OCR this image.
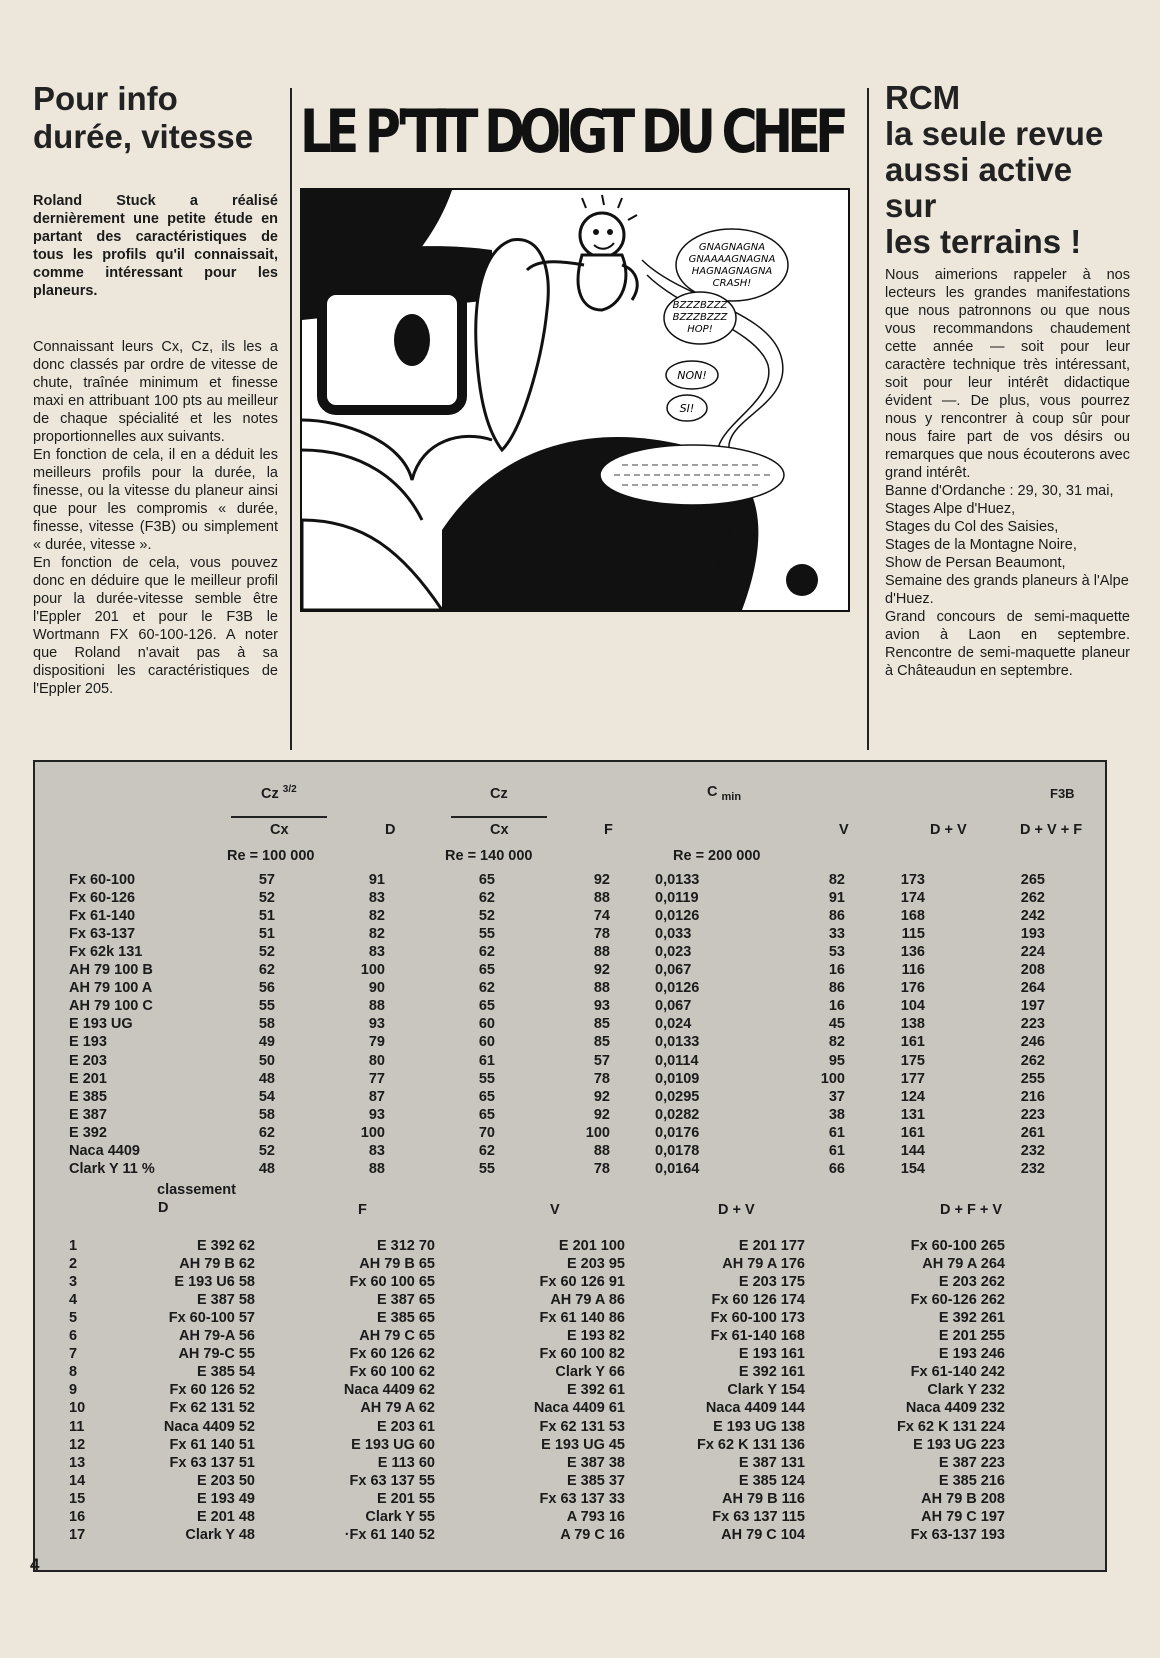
Pour info
durée, vitesse
Roland Stuck a réalisé dernièrement une petite étude en partant des caractéristiques de tous les profils qu'il connaissait, comme intéressant pour les planeurs.

Connaissant leurs Cx, Cz, ils les a donc classés par ordre de vitesse de chute, traînée minimum et finesse maxi en attribuant 100 pts au meilleur de chaque spécialité et les notes proportionnelles aux suivants.

En fonction de cela, il en a déduit les meilleurs profils pour la durée, la finesse, ou la vitesse du planeur ainsi que pour les compromis « durée, finesse, vitesse (F3B) ou simplement « durée, vitesse ».

En fonction de cela, vous pouvez donc en déduire que le meilleur profil pour la durée-vitesse semble être l'Eppler 201 et pour le F3B le Wortmann FX 60-100-126. A noter que Roland n'avait pas à sa dispositioni les caractéristiques de l'Eppler 205.

LE P'TIT DOIGT DU CHEF
GNAGNAGNA
GNAAAAGNAGNA
HAGNAGNAGNA
CRASH!
BZZZBZZZ
BZZZBZZZ
HOP!
NON!
SI!
RCM
la seule revue
aussi active
sur
les terrains !

Nous aimerions rappeler à nos lecteurs les grandes manifestations que nous patronnons ou que nous vous recommandons chaudement cette année — soit pour leur caractère technique très intéressant, soit pour leur intérêt didactique évident —. De plus, vous pourrez nous y rencontrer à coup sûr pour nous faire part de vos désirs ou remarques que nous écouterons avec grand intérêt.

Banne d'Ordanche : 29, 30, 31 mai,

Stages Alpe d'Huez,

Stages du Col des Saisies,

Stages de la Montagne Noire,

Show de Persan Beaumont,

Semaine des grands planeurs à l'Alpe d'Huez.

Grand concours de semi-maquette avion à Laon en septembre. Rencontre de semi-maquette planeur à Châteaudun en septembre.

Cz $^{3/2}$	Cz	C $_{min}$	F3B
Cx	D	Cx	F	V	D + V	D + V + F
Re = 100 000	Re = 140 000	Re = 200 000
Fx 60-100	57	91	65	92	0,0133	82	173	265
Fx 60-126	52	83	62	88	0,0119	91	174	262
Fx 61-140	51	82	52	74	0,0126	86	168	242
Fx 63-137	51	82	55	78	0,033	33	115	193
Fx 62k 131	52	83	62	88	0,023	53	136	224
AH 79 100 B	62	100	65	92	0,067	16	116	208
AH 79 100 A	56	90	62	88	0,0126	86	176	264
AH 79 100 C	55	88	65	93	0,067	16	104	197
E 193 UG	58	93	60	85	0,024	45	138	223
E 193	49	79	60	85	0,0133	82	161	246
E 203	50	80	61	57	0,0114	95	175	262
E 201	48	77	55	78	0,0109	100	177	255
E 385	54	87	65	92	0,0295	37	124	216
E 387	58	93	65	92	0,0282	38	131	223
E 392	62	100	70	100	0,0176	61	161	261
Naca 4409	52	83	62	88	0,0178	61	144	232
Clark Y 11 %	48	88	55	78	0,0164	66	154	232
classement
D	F	V	D + V	D + F + V
1	E 392 62	E 312 70	E 201 100	E 201 177	Fx 60-100 265
2	AH 79 B 62	AH 79 B 65	E 203 95	AH 79 A 176	AH 79 A 264
3	E 193 U6 58	Fx 60 100 65	Fx 60 126 91	E 203 175	E 203 262
4	E 387 58	E 387 65	AH 79 A 86	Fx 60 126 174	Fx 60-126 262
5	Fx 60-100 57	E 385 65	Fx 61 140 86	Fx 60-100 173	E 392 261
6	AH 79-A 56	AH 79 C 65	E 193 82	Fx 61-140 168	E 201 255
7	AH 79-C 55	Fx 60 126 62	Fx 60 100 82	E 193 161	E 193 246
8	E 385 54	Fx 60 100 62	Clark Y 66	E 392 161	Fx 61-140 242
9	Fx 60 126 52	Naca 4409 62	E 392 61	Clark Y 154	Clark Y 232
10	Fx 62 131 52	AH 79 A 62	Naca 4409 61	Naca 4409 144	Naca 4409 232
11	Naca 4409 52	E 203 61	Fx 62 131 53	E 193 UG 138	Fx 62 K 131 224
12	Fx 61 140 51	E 193 UG 60	E 193 UG 45	Fx 62 K 131 136	E 193 UG 223
13	Fx 63 137 51	E 113 60	E 387 38	E 387 131	E 387 223
14	E 203 50	Fx 63 137 55	E 385 37	E 385 124	E 385 216
15	E 193 49	E 201 55	Fx 63 137 33	AH 79 B 116	AH 79 B 208
16	E 201 48	Clark Y 55	A 793 16	Fx 63 137 115	AH 79 C 197
17	Clark Y 48	·Fx 61 140 52	A 79 C 16	AH 79 C 104	Fx 63-137 193
4
